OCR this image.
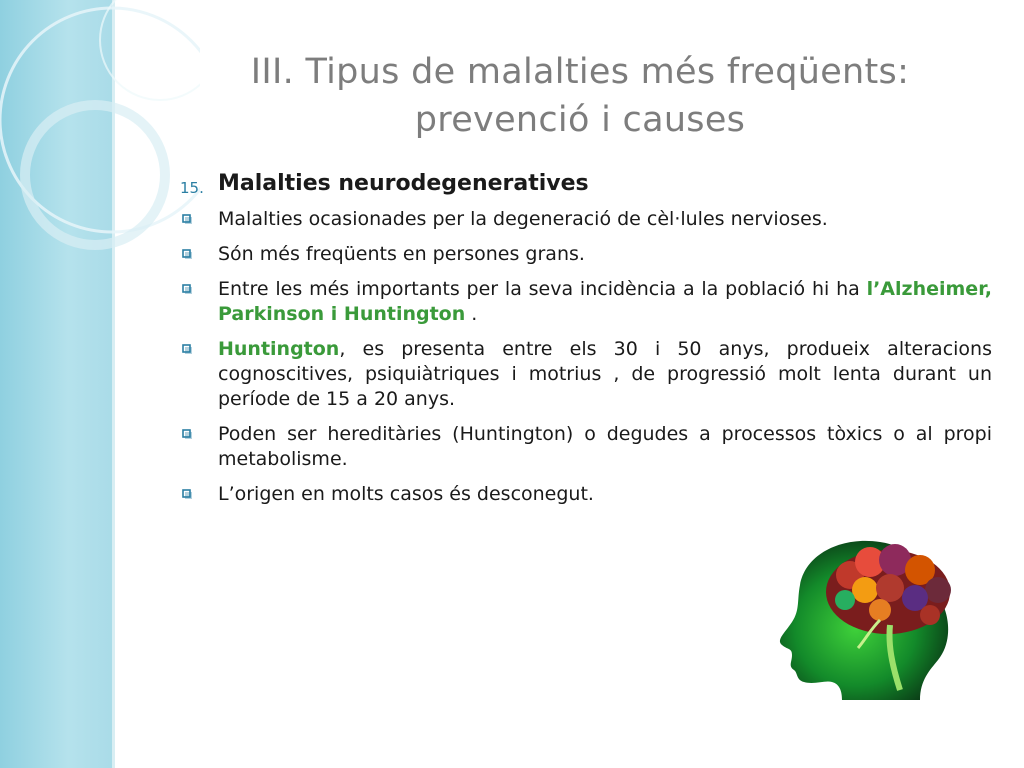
III. Tipus de malalties més freqüents:
prevenció i causes
15. Malalties neurodegeneratives
Malalties ocasionades per la degeneració de cèl·lules nervioses.
Són més freqüents en persones grans.
Entre les més importants per la seva incidència a la població hi ha l’Alzheimer, Parkinson i Huntington .
Huntington, es presenta entre els 30 i 50 anys, produeix alteracions cognoscitives, psiquiàtriques i motrius , de progressió molt lenta durant un període de 15 a 20 anys.
Poden ser hereditàries (Huntington) o degudes a processos tòxics o al propi metabolisme.
L’origen en molts casos és desconegut.
